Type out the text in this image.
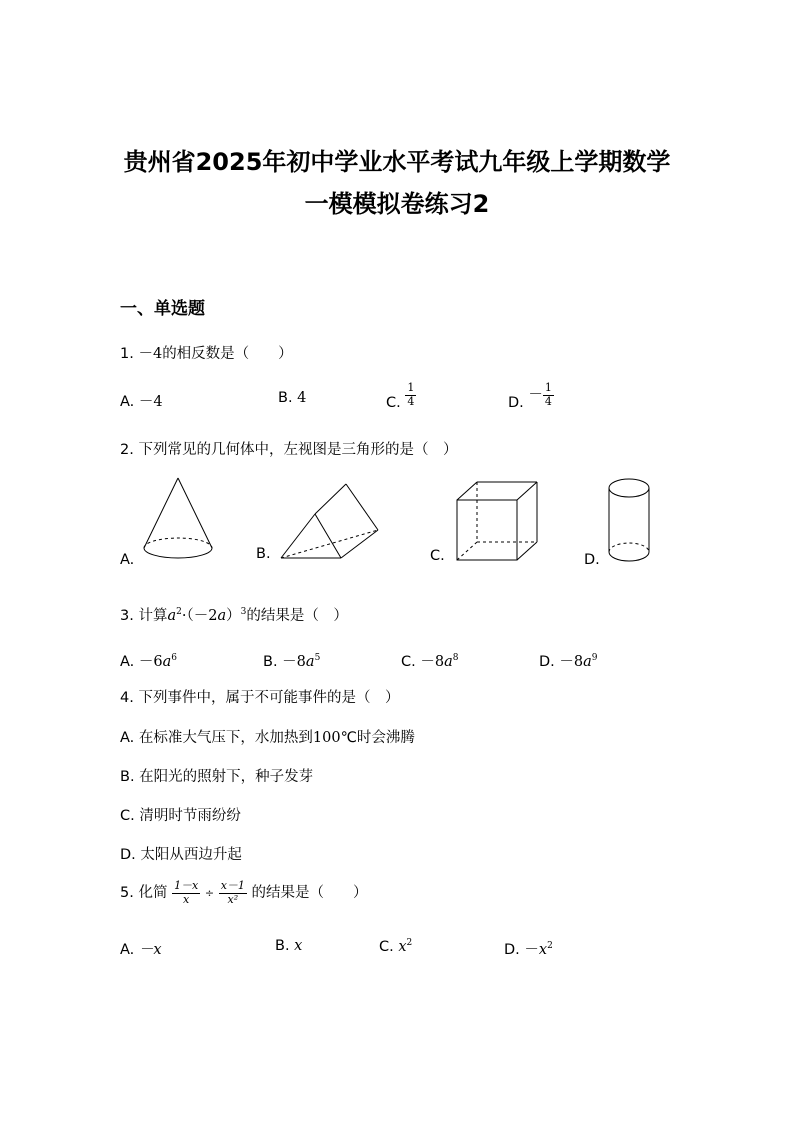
贵州省2025年初中学业水平考试九年级上学期数学
一模模拟卷练习2
一、单选题
1. －4的相反数是（　　）
A. －4	B. 4	C. $\frac{1}{4}$	D. － $\frac{1}{4}$
2. 下列常见的几何体中，左视图是三角形的是（　）
A.	B.	C.	D.
3. 计算$a^2\cdot(-2a)^3$的结果是（　）
A. $-6a^6$	B. $-8a^5$	C. $-8a^8$	D. $-8a^9$
4. 下列事件中，属于不可能事件的是（　）
A. 在标准大气压下，水加热到100℃时会沸腾
B. 在阳光的照射下，种子发芽
C. 清明时节雨纷纷
D. 太阳从西边升起
5. 化简 $\frac{1-x}{x} \div \frac{x-1}{\text{x²}}$ 的结果是（　　）
A. －x	B. x	C. $x^2$	D. $-x^2$
